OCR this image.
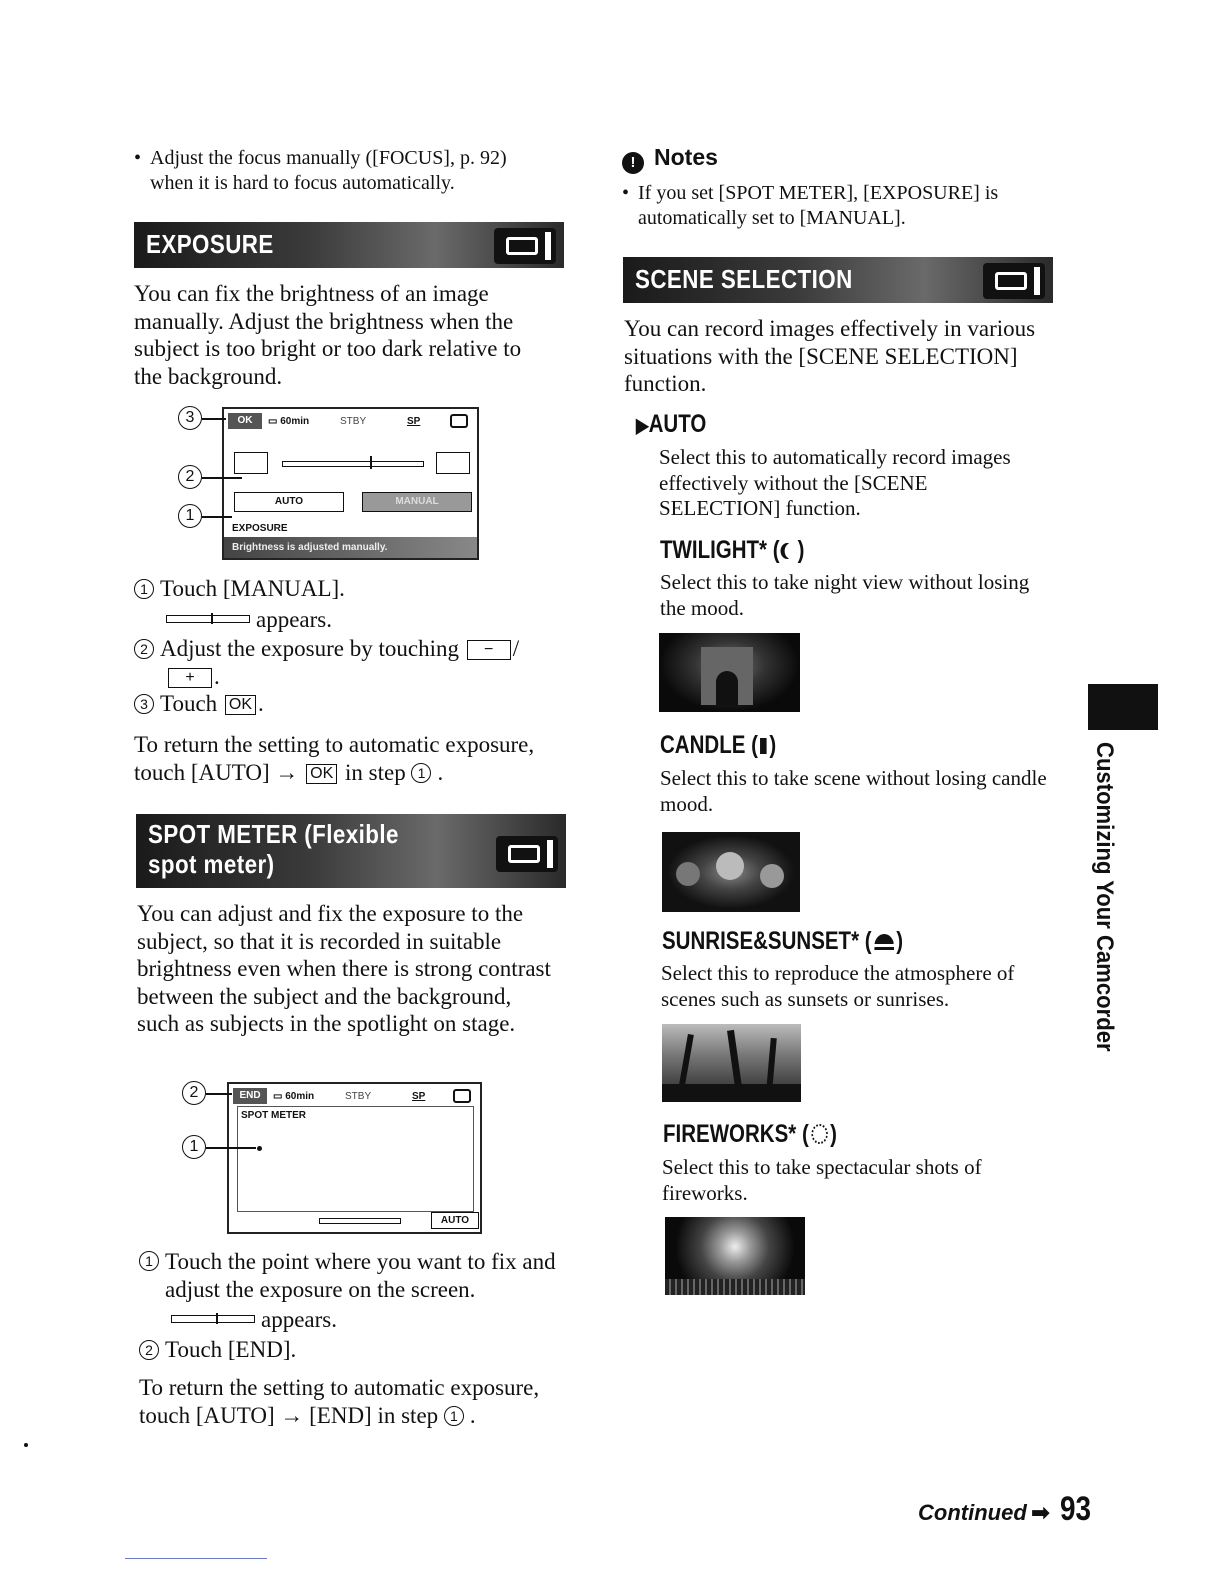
• Adjust the focus manually ([FOCUS], p. 92) when it is hard to focus automatically.
EXPOSURE
You can fix the brightness of an image manually. Adjust the brightness when the subject is too bright or too dark relative to the background.
OK	▭ 60min	STBY	SP
AUTO	MANUAL
EXPOSURE
Brightness is adjusted manually.
3
2
1
1 Touch [MANUAL].
appears.
2 Adjust the exposure by touching − /
+ .
3 Touch OK .
To return the setting to automatic exposure, touch [AUTO] → OK in step 1 .
SPOT METER (Flexible
spot meter)
You can adjust and fix the exposure to the subject, so that it is recorded in suitable brightness even when there is strong contrast between the subject and the background, such as subjects in the spotlight on stage.
END	▭ 60min	STBY	SP
SPOT METER
AUTO
2
1
1 Touch the point where you want to fix and adjust the exposure on the screen.
appears.
2 Touch [END].
To return the setting to automatic exposure, touch [AUTO] → [END] in step 1 .
! Notes
• If you set [SPOT METER], [EXPOSURE] is automatically set to [MANUAL].
SCENE SELECTION
You can record images effectively in various situations with the [SCENE SELECTION] function.
▶AUTO
Select this to automatically record images effectively without the [SCENE SELECTION] function.
TWILIGHT* ( )
Select this to take night view without losing the mood.
CANDLE ( )
Select this to take scene without losing candle mood.
SUNRISE&SUNSET* ( )
Select this to reproduce the atmosphere of scenes such as sunsets or sunrises.
FIREWORKS* ( )
Select this to take spectacular shots of fireworks.
Customizing Your Camcorder
Continued ➡ 93
